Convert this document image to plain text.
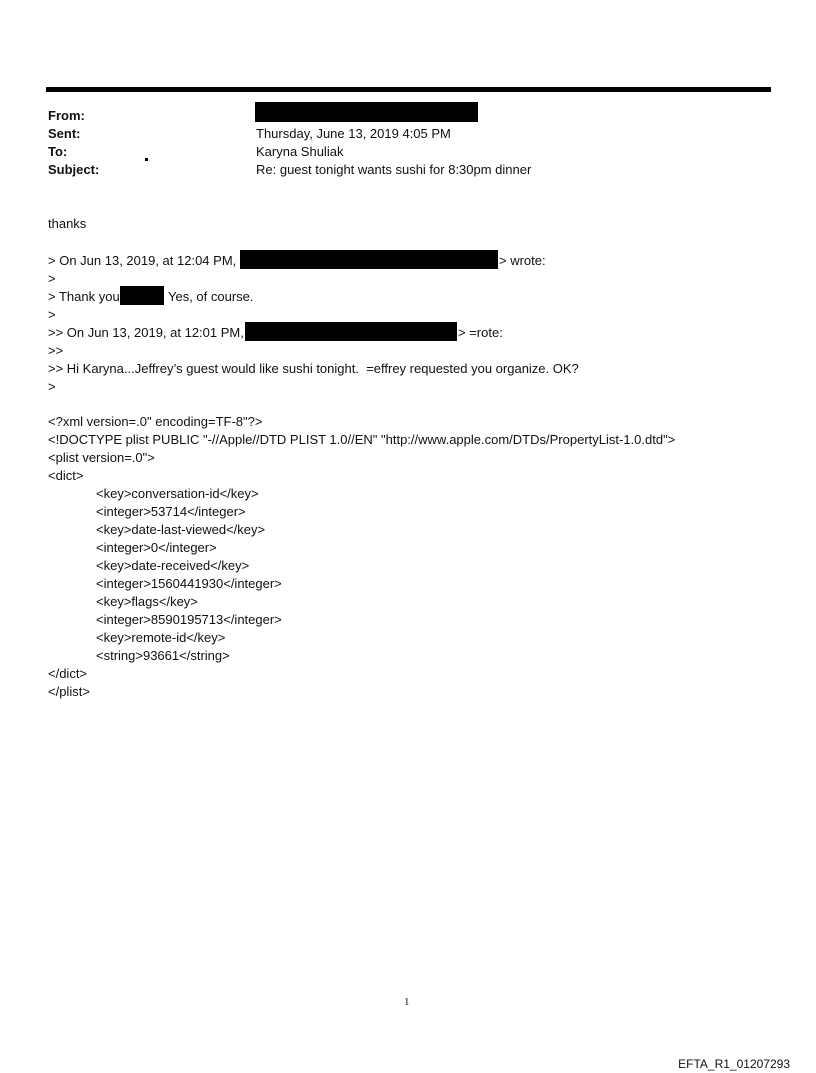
From:
Sent:	Thursday, June 13, 2019 4:05 PM
To:	Karyna Shuliak
Subject:	Re: guest tonight wants sushi for 8:30pm dinner
thanks
> On Jun 13, 2019, at 12:04 PM,	> wrote:
>
> Thank you	Yes, of course.
>
>> On Jun 13, 2019, at 12:01 PM,	> =rote:
>>
>> Hi Karyna...Jeffrey’s guest would like sushi tonight.  =effrey requested you organize. OK?
>
<?xml version=.0" encoding=TF-8"?>
<!DOCTYPE plist PUBLIC "-//Apple//DTD PLIST 1.0//EN" "http://www.apple.com/DTDs/PropertyList-1.0.dtd">
<plist version=.0">
<dict>
<key>conversation-id</key>
<integer>53714</integer>
<key>date-last-viewed</key>
<integer>0</integer>
<key>date-received</key>
<integer>1560441930</integer>
<key>flags</key>
<integer>8590195713</integer>
<key>remote-id</key>
<string>93661</string>
</dict>
</plist>
1
EFTA_R1_01207293
